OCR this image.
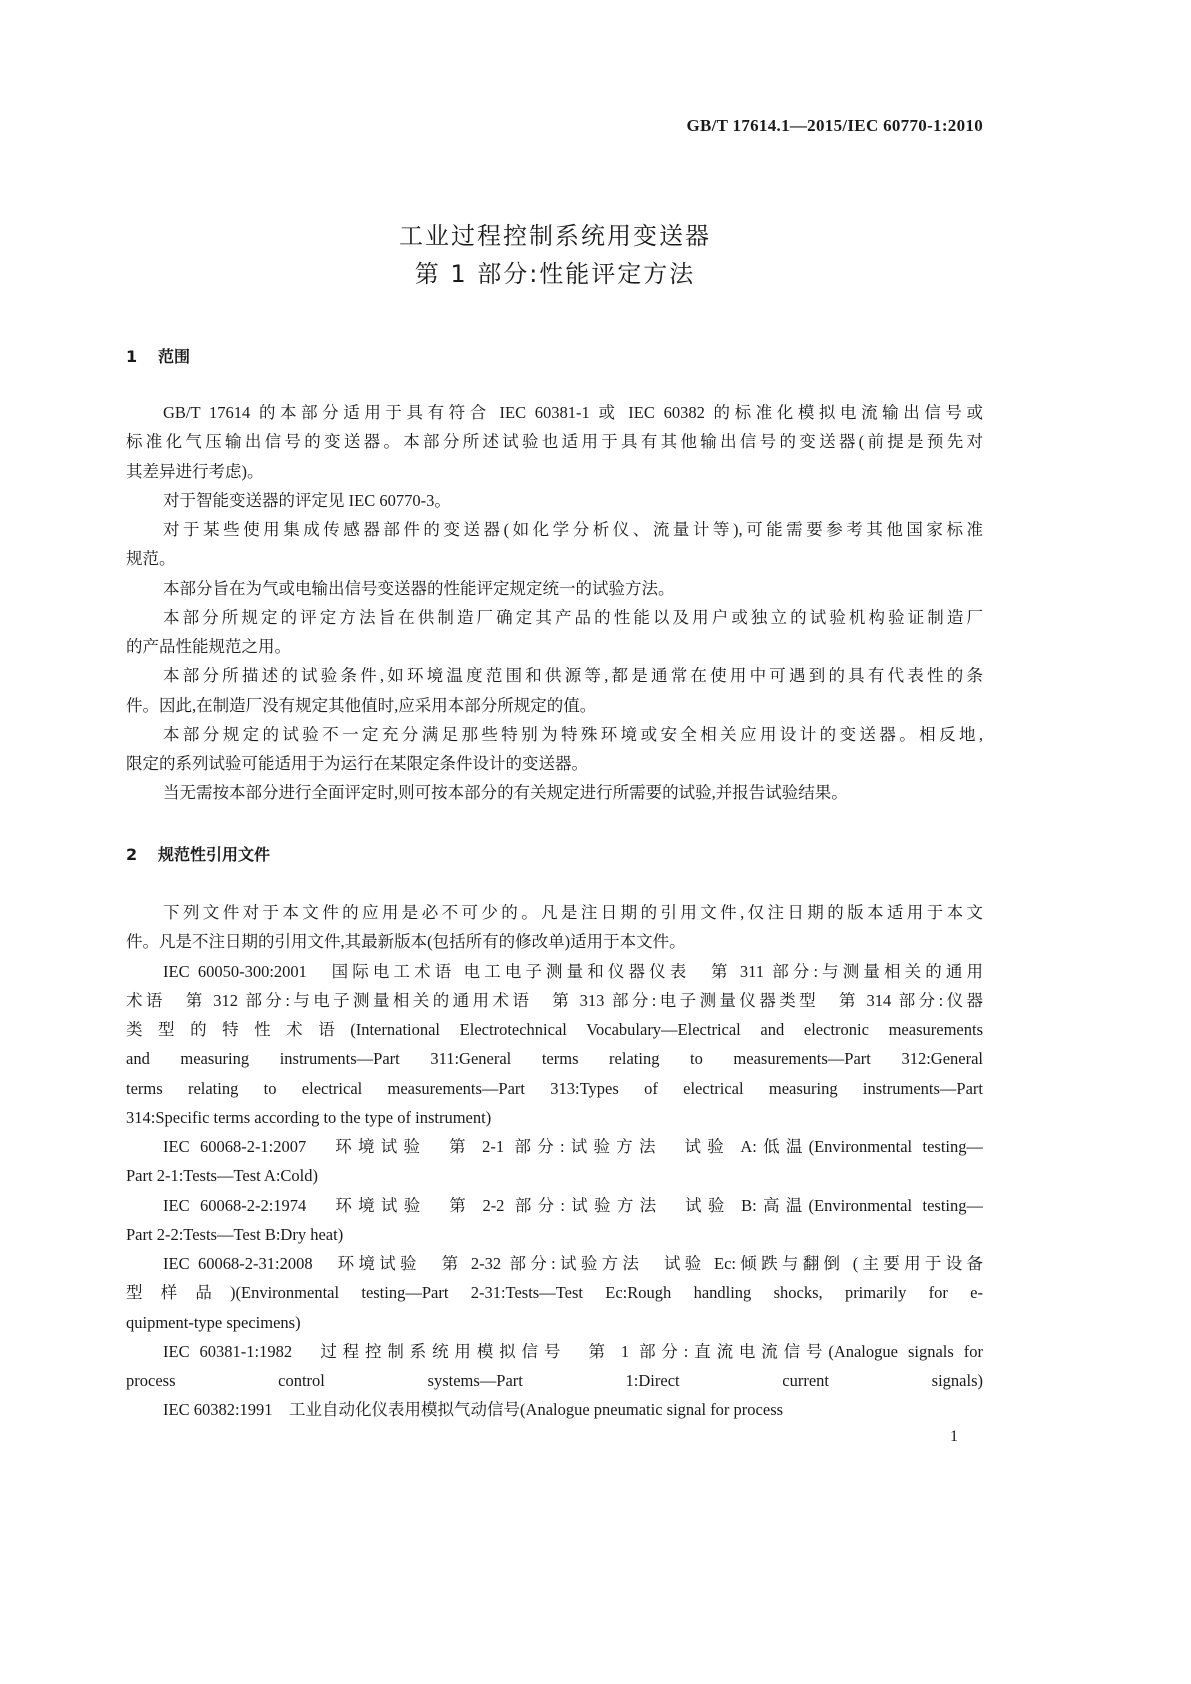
GB/T 17614.1—2015/IEC 60770-1:2010
工业过程控制系统用变送器
第 1 部分:性能评定方法
1 范围
GB/T 17614 的本部分适用于具有符合 IEC 60381-1 或 IEC 60382 的标准化模拟电流输出信号或
标准化气压输出信号的变送器。本部分所述试验也适用于具有其他输出信号的变送器(前提是预先对
其差异进行考虑)。
对于智能变送器的评定见 IEC 60770-3。
对于某些使用集成传感器部件的变送器(如化学分析仪、流量计等),可能需要参考其他国家标准
规范。
本部分旨在为气或电输出信号变送器的性能评定规定统一的试验方法。
本部分所规定的评定方法旨在供制造厂确定其产品的性能以及用户或独立的试验机构验证制造厂
的产品性能规范之用。
本部分所描述的试验条件,如环境温度范围和供源等,都是通常在使用中可遇到的具有代表性的条
件。因此,在制造厂没有规定其他值时,应采用本部分所规定的值。
本部分规定的试验不一定充分满足那些特别为特殊环境或安全相关应用设计的变送器。相反地,
限定的系列试验可能适用于为运行在某限定条件设计的变送器。
当无需按本部分进行全面评定时,则可按本部分的有关规定进行所需要的试验,并报告试验结果。
2 规范性引用文件
下列文件对于本文件的应用是必不可少的。凡是注日期的引用文件,仅注日期的版本适用于本文
件。凡是不注日期的引用文件,其最新版本(包括所有的修改单)适用于本文件。
IEC 60050-300:2001　国际电工术语 电工电子测量和仪器仪表　第 311 部分:与测量相关的通用
术语　第 312 部分:与电子测量相关的通用术语　第 313 部分:电子测量仪器类型　第 314 部分:仪器
类型的特性术语(International Electrotechnical Vocabulary—Electrical and electronic measurements
and measuring instruments—Part 311:General terms relating to measurements—Part 312:General
terms relating to electrical measurements—Part 313:Types of electrical measuring instruments—Part
314:Specific terms according to the type of instrument)
IEC 60068-2-1:2007　环境试验　第 2-1 部分:试验方法　试验 A:低温(Environmental testing—
Part 2-1:Tests—Test A:Cold)
IEC 60068-2-2:1974　环境试验　第 2-2 部分:试验方法　试验 B:高温(Environmental testing—
Part 2-2:Tests—Test B:Dry heat)
IEC 60068-2-31:2008　环境试验　第 2-32 部分:试验方法　试验 Ec:倾跌与翻倒 (主要用于设备
型样品)(Environmental testing—Part 2-31:Tests—Test Ec:Rough handling shocks, primarily for e-
quipment-type specimens)
IEC 60381-1:1982　过程控制系统用模拟信号　第 1 部分:直流电流信号(Analogue signals for
process control systems—Part 1:Direct current signals)
IEC 60382:1991　工业自动化仪表用模拟气动信号(Analogue pneumatic signal for process
1
